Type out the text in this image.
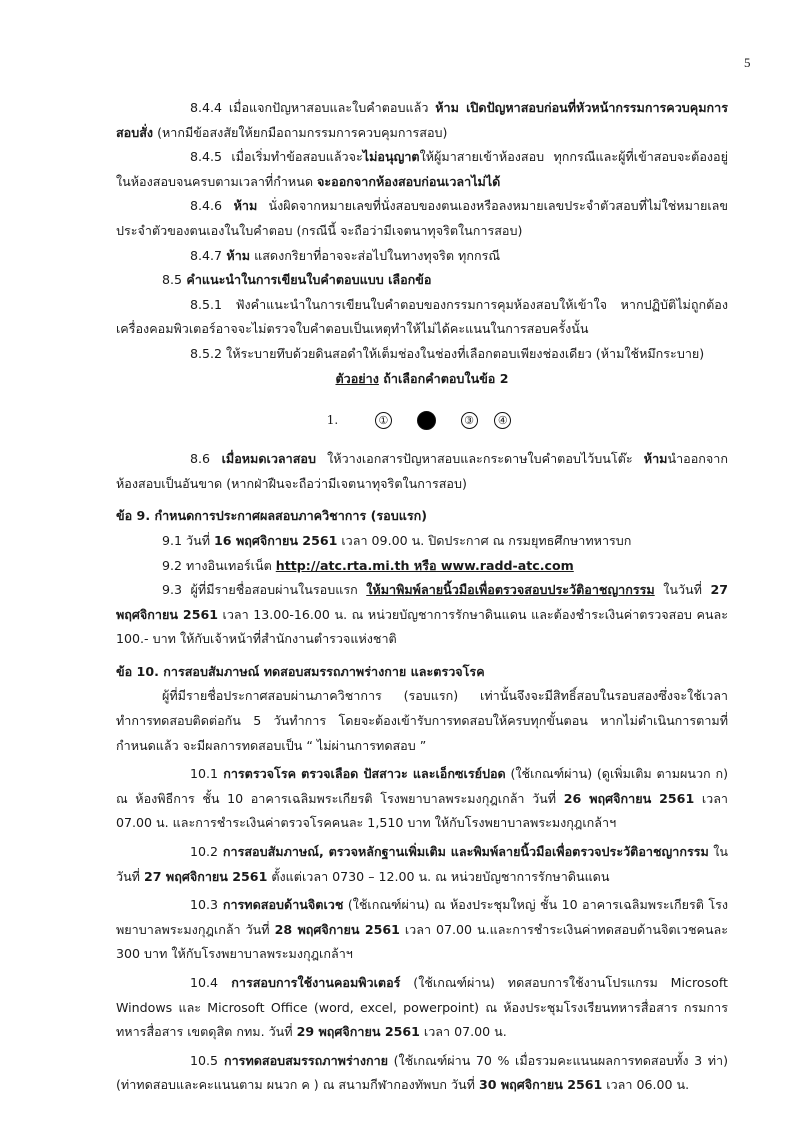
5

8.4.4 เมื่อแจกปัญหาสอบและใบคำตอบแล้ว ห้าม เปิดปัญหาสอบก่อนที่หัวหน้ากรรมการควบคุมการสอบสั่ง (หากมีข้อสงสัยให้ยกมือถามกรรมการควบคุมการสอบ)

8.4.5 เมื่อเริ่มทำข้อสอบแล้วจะไม่อนุญาตให้ผู้มาสายเข้าห้องสอบ ทุกกรณีและผู้ที่เข้าสอบจะต้องอยู่ในห้องสอบจนครบตามเวลาที่กำหนด จะออกจากห้องสอบก่อนเวลาไม่ได้

8.4.6 ห้าม นั่งผิดจากหมายเลขที่นั่งสอบของตนเองหรือลงหมายเลขประจำตัวสอบที่ไม่ใช่หมายเลขประจำตัวของตนเองในใบคำตอบ (กรณีนี้ จะถือว่ามีเจตนาทุจริตในการสอบ)

8.4.7 ห้าม แสดงกริยาที่อาจจะส่อไปในทางทุจริต ทุกกรณี

8.5 คำแนะนำในการเขียนใบคำตอบแบบ เลือกข้อ

8.5.1 ฟังคำแนะนำในการเขียนใบคำตอบของกรรมการคุมห้องสอบให้เข้าใจ หากปฏิบัติไม่ถูกต้องเครื่องคอมพิวเตอร์อาจจะไม่ตรวจใบคำตอบเป็นเหตุทำให้ไม่ได้คะแนนในการสอบครั้งนั้น

8.5.2 ให้ระบายทึบด้วยดินสอดำให้เต็มช่องในช่องที่เลือกตอบเพียงช่องเดียว (ห้ามใช้หมึกระบาย)

ตัวอย่าง ถ้าเลือกคำตอบในข้อ 2

1.	①	③ ④

8.6 เมื่อหมดเวลาสอบ ให้วางเอกสารปัญหาสอบและกระดาษใบคำตอบไว้บนโต๊ะ ห้ามนำออกจากห้องสอบเป็นอันขาด (หากฝ่าฝืนจะถือว่ามีเจตนาทุจริตในการสอบ)

ข้อ 9. กำหนดการประกาศผลสอบภาควิชาการ (รอบแรก)

9.1 วันที่ 16 พฤศจิกายน 2561 เวลา 09.00 น. ปิดประกาศ ณ กรมยุทธศึกษาทหารบก

9.2 ทางอินเทอร์เน็ต http://atc.rta.mi.th หรือ www.radd-atc.com

9.3 ผู้ที่มีรายชื่อสอบผ่านในรอบแรก ให้มาพิมพ์ลายนิ้วมือเพื่อตรวจสอบประวัติอาชญากรรม ในวันที่ 27 พฤศจิกายน 2561 เวลา 13.00-16.00 น. ณ หน่วยบัญชาการรักษาดินแดน และต้องชำระเงินค่าตรวจสอบ คนละ 100.- บาท ให้กับเจ้าหน้าที่สำนักงานตำรวจแห่งชาติ

ข้อ 10. การสอบสัมภาษณ์ ทดสอบสมรรถภาพร่างกาย และตรวจโรค

ผู้ที่มีรายชื่อประกาศสอบผ่านภาควิชาการ (รอบแรก) เท่านั้นจึงจะมีสิทธิ์สอบในรอบสองซึ่งจะใช้เวลาทำการทดสอบติดต่อกัน 5 วันทำการ โดยจะต้องเข้ารับการทดสอบให้ครบทุกขั้นตอน หากไม่ดำเนินการตามที่กำหนดแล้ว จะมีผลการทดสอบเป็น “ ไม่ผ่านการทดสอบ ”

10.1 การตรวจโรค ตรวจเลือด ปัสสาวะ และเอ็กซเรย์ปอด (ใช้เกณฑ์ผ่าน) (ดูเพิ่มเติม ตามผนวก ก) ณ ห้องพิธีการ ชั้น 10 อาคารเฉลิมพระเกียรติ โรงพยาบาลพระมงกุฎเกล้า วันที่ 26 พฤศจิกายน 2561 เวลา 07.00 น. และการชำระเงินค่าตรวจโรคคนละ 1,510 บาท ให้กับโรงพยาบาลพระมงกุฎเกล้าฯ

10.2 การสอบสัมภาษณ์, ตรวจหลักฐานเพิ่มเติม และพิมพ์ลายนิ้วมือเพื่อตรวจประวัติอาชญากรรม ในวันที่ 27 พฤศจิกายน 2561 ตั้งแต่เวลา 0730 – 12.00 น. ณ หน่วยบัญชาการรักษาดินแดน

10.3 การทดสอบด้านจิตเวช (ใช้เกณฑ์ผ่าน) ณ ห้องประชุมใหญ่ ชั้น 10 อาคารเฉลิมพระเกียรติ โรงพยาบาลพระมงกุฎเกล้า วันที่ 28 พฤศจิกายน 2561 เวลา 07.00 น.และการชำระเงินค่าทดสอบด้านจิตเวชคนละ 300 บาท ให้กับโรงพยาบาลพระมงกุฎเกล้าฯ

10.4 การสอบการใช้งานคอมพิวเตอร์ (ใช้เกณฑ์ผ่าน) ทดสอบการใช้งานโปรแกรม Microsoft Windows และ Microsoft Office (word, excel, powerpoint) ณ ห้องประชุมโรงเรียนทหารสื่อสาร กรมการทหารสื่อสาร เขตดุสิต กทม. วันที่ 29 พฤศจิกายน 2561 เวลา 07.00 น.

10.5 การทดสอบสมรรถภาพร่างกาย (ใช้เกณฑ์ผ่าน 70 % เมื่อรวมคะแนนผลการทดสอบทั้ง 3 ท่า) (ท่าทดสอบและคะแนนตาม ผนวก ค ) ณ สนามกีฬากองทัพบก วันที่ 30 พฤศจิกายน 2561 เวลา 06.00 น.
